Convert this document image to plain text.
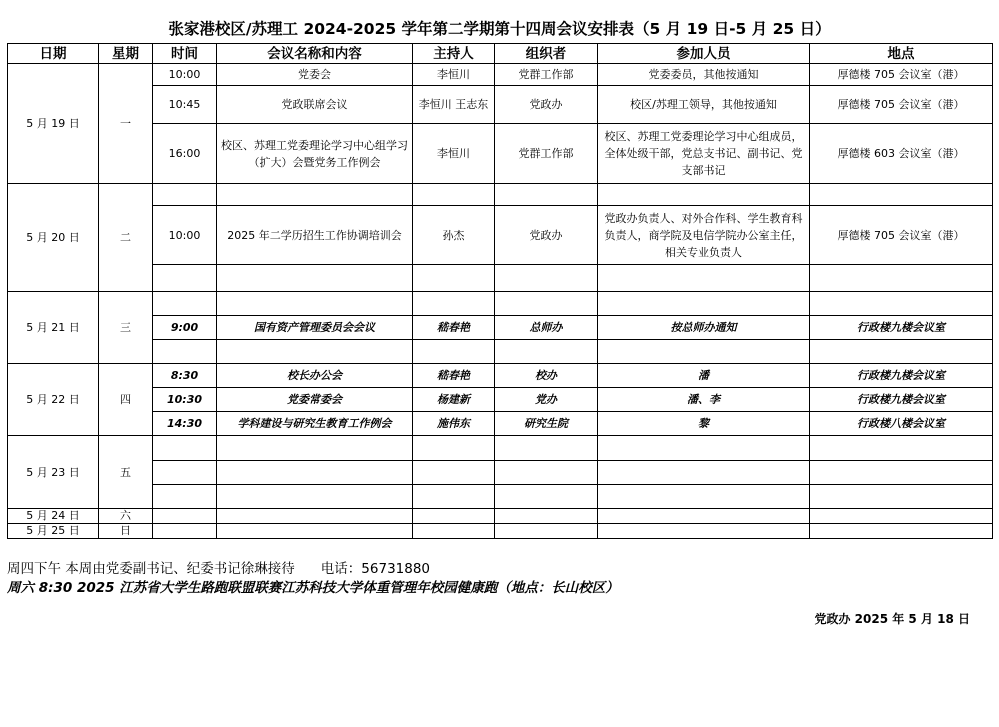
张家港校区/苏理工 2024-2025 学年第二学期第十四周会议安排表（5 月 19 日-5 月 25 日）
日期	星期	时间	会议名称和内容	主持人	组织者	参加人员	地点
5 月 19 日	一	10:00	党委会	李恒川	党群工作部	党委委员，其他按通知	厚德楼 705 会议室（港）
		10:45	党政联席会议	李恒川 王志东	党政办	校区/苏理工领导，其他按通知	厚德楼 705 会议室（港）
		16:00	校区、苏理工党委理论学习中心组学习（扩大）会暨党务工作例会	李恒川	党群工作部	校区、苏理工党委理论学习中心组成员，全体处级干部，党总支书记、副书记、党支部书记	厚德楼 603 会议室（港）
5 月 20 日	二						
		10:00	2025 年二学历招生工作协调培训会	孙杰	党政办	党政办负责人、对外合作科、学生教育科负责人，商学院及电信学院办公室主任，相关专业负责人	厚德楼 705 会议室（港）

5 月 21 日	三						
		9:00	国有资产管理委员会会议	嵇春艳	总师办	按总师办通知	行政楼九楼会议室

5 月 22 日	四	8:30	校长办公会	嵇春艳	校办	潘	行政楼九楼会议室
		10:30	党委常委会	杨建新	党办	潘、李	行政楼九楼会议室
		14:30	学科建设与研究生教育工作例会	施伟东	研究生院	黎	行政楼八楼会议室
5 月 23 日	五						

5 月 24 日	六						
5 月 25 日	日						
周四下午 本周由党委副书记、纪委书记徐琳接待 电话：56731880
周六 8:30 2025 江苏省大学生路跑联盟联赛江苏科技大学体重管理年校园健康跑（地点：长山校区）
党政办 2025 年 5 月 18 日
